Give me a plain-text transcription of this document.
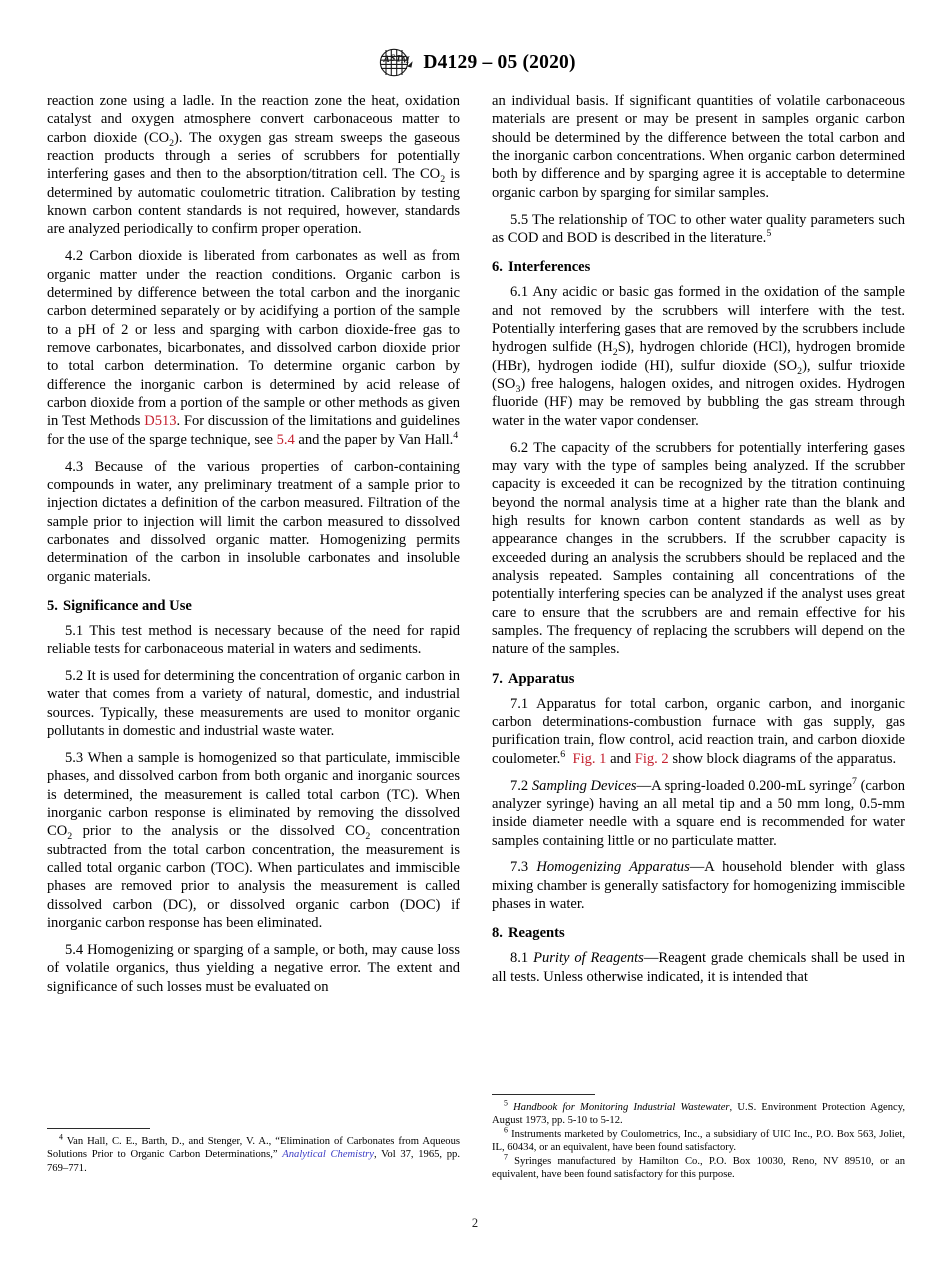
A S T M D4129 – 05 (2020)

reaction zone using a ladle. In the reaction zone the heat, oxidation catalyst and oxygen atmosphere convert carbonaceous matter to carbon dioxide $(CO_2)$. The oxygen gas stream sweeps the gaseous reaction products through a series of scrubbers for potentially interfering gases and then to the absorption/titration cell. The $CO_2$ is determined by automatic coulometric titration. Calibration by testing known carbon content standards is not required, however, standards are analyzed periodically to confirm proper operation.

4.2 Carbon dioxide is liberated from carbonates as well as from organic matter under the reaction conditions. Organic carbon is determined by difference between the total carbon and the inorganic carbon determined separately or by acidifying a portion of the sample to a pH of 2 or less and sparging with carbon dioxide-free gas to remove carbonates, bicarbonates, and dissolved carbon dioxide prior to total carbon determination. To determine organic carbon by difference the inorganic carbon is determined by acid release of carbon dioxide from a portion of the sample or other methods as given in Test Methods D513. For discussion of the limitations and guidelines for the use of the sparge technique, see 5.4 and the paper by Van Hall.$^4$

4.3 Because of the various properties of carbon-containing compounds in water, any preliminary treatment of a sample prior to injection dictates a definition of the carbon measured. Filtration of the sample prior to injection will limit the carbon measured to dissolved carbonates and dissolved organic matter. Homogenizing permits determination of the carbon in insoluble carbonates and insoluble organic materials.

5. Significance and Use

5.1 This test method is necessary because of the need for rapid reliable tests for carbonaceous material in waters and sediments.

5.2 It is used for determining the concentration of organic carbon in water that comes from a variety of natural, domestic, and industrial sources. Typically, these measurements are used to monitor organic pollutants in domestic and industrial waste water.

5.3 When a sample is homogenized so that particulate, immiscible phases, and dissolved carbon from both organic and inorganic sources is determined, the measurement is called total carbon (TC). When inorganic carbon response is eliminated by removing the dissolved $CO_2$ prior to the analysis or the dissolved $CO_2$ concentration subtracted from the total carbon concentration, the measurement is called total organic carbon (TOC). When particulates and immiscible phases are removed prior to analysis the measurement is called dissolved carbon (DC), or dissolved organic carbon (DOC) if inorganic carbon response has been eliminated.

5.4 Homogenizing or sparging of a sample, or both, may cause loss of volatile organics, thus yielding a negative error. The extent and significance of such losses must be evaluated on

an individual basis. If significant quantities of volatile carbonaceous materials are present or may be present in samples organic carbon should be determined by the difference between the total carbon and the inorganic carbon concentrations. When organic carbon determined both by difference and by sparging agree it is acceptable to determine organic carbon by sparging for similar samples.

5.5 The relationship of TOC to other water quality parameters such as COD and BOD is described in the literature.$^5$

6. Interferences

6.1 Any acidic or basic gas formed in the oxidation of the sample and not removed by the scrubbers will interfere with the test. Potentially interfering gases that are removed by the scrubbers include hydrogen sulfide $(H_2S)$, hydrogen chloride (HCl), hydrogen bromide (HBr), hydrogen iodide (HI), sulfur dioxide $(SO_2)$, sulfur trioxide $(SO_3)$ free halogens, halogen oxides, and nitrogen oxides. Hydrogen fluoride (HF) may be removed by bubbling the gas stream through water in the water vapor condenser.

6.2 The capacity of the scrubbers for potentially interfering gases may vary with the type of samples being analyzed. If the scrubber capacity is exceeded it can be recognized by the titration continuing beyond the normal analysis time at a higher rate than the blank and high results for known carbon content standards as well as by appearance changes in the scrubbers. If the scrubber capacity is exceeded during an analysis the scrubbers should be replaced and the analysis repeated. Samples containing all concentrations of the potentially interfering species can be analyzed if the analyst uses great care to ensure that the scrubbers are and remain effective for his samples. The frequency of replacing the scrubbers will depend on the nature of the samples.

7. Apparatus

7.1 Apparatus for total carbon, organic carbon, and inorganic carbon determinations-combustion furnace with gas supply, gas purification train, flow control, acid reaction train, and carbon dioxide coulometer.$^6$ Fig. 1 and Fig. 2 show block diagrams of the apparatus.

7.2 Sampling Devices—A spring-loaded 0.200-mL syringe$^7$ (carbon analyzer syringe) having an all metal tip and a 50 mm long, 0.5-mm inside diameter needle with a square end is recommended for water samples containing little or no particulate matter.

7.3 Homogenizing Apparatus—A household blender with glass mixing chamber is generally satisfactory for homogenizing immiscible phases in water.

8. Reagents

8.1 Purity of Reagents—Reagent grade chemicals shall be used in all tests. Unless otherwise indicated, it is intended that

$^4$ Van Hall, C. E., Barth, D., and Stenger, V. A., “Elimination of Carbonates from Aqueous Solutions Prior to Organic Carbon Determinations,” Analytical Chemistry, Vol 37, 1965, pp. 769–771.

$^5$ Handbook for Monitoring Industrial Wastewater, U.S. Environment Protection Agency, August 1973, pp. 5-10 to 5-12.

$^6$ Instruments marketed by Coulometrics, Inc., a subsidiary of UIC Inc., P.O. Box 563, Joliet, IL, 60434, or an equivalent, have been found satisfactory.

$^7$ Syringes manufactured by Hamilton Co., P.O. Box 10030, Reno, NV 89510, or an equivalent, have been found satisfactory for this purpose.

2
